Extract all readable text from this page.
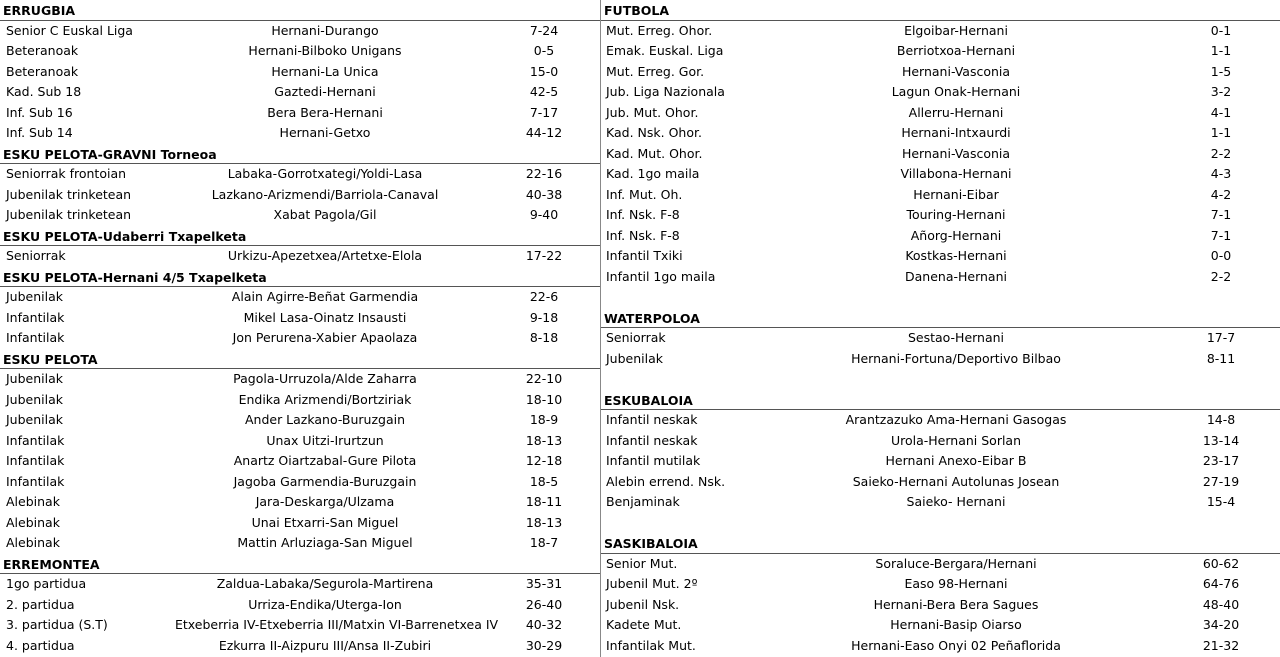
ERRUGBIA
Senior C Euskal Liga	Hernani-Durango	7-24
Beteranoak	Hernani-Bilboko Unigans	0-5
Beteranoak	Hernani-La Unica	15-0
Kad. Sub 18	Gaztedi-Hernani	42-5
Inf. Sub 16	Bera Bera-Hernani	7-17
Inf. Sub 14	Hernani-Getxo	44-12
ESKU PELOTA-GRAVNI Torneoa
Seniorrak frontoian	Labaka-Gorrotxategi/Yoldi-Lasa	22-16
Jubenilak trinketean	Lazkano-Arizmendi/Barriola-Canaval	40-38
Jubenilak trinketean	Xabat Pagola/Gil	9-40
ESKU PELOTA-Udaberri Txapelketa
Seniorrak	Urkizu-Apezetxea/Artetxe-Elola	17-22
ESKU PELOTA-Hernani 4/5 Txapelketa
Jubenilak	Alain Agirre-Beñat Garmendia	22-6
Infantilak	Mikel Lasa-Oinatz Insausti	9-18
Infantilak	Jon Perurena-Xabier Apaolaza	8-18
ESKU PELOTA
Jubenilak	Pagola-Urruzola/Alde Zaharra	22-10
Jubenilak	Endika Arizmendi/Bortziriak	18-10
Jubenilak	Ander Lazkano-Buruzgain	18-9
Infantilak	Unax Uitzi-Irurtzun	18-13
Infantilak	Anartz Oiartzabal-Gure Pilota	12-18
Infantilak	Jagoba Garmendia-Buruzgain	18-5
Alebinak	Jara-Deskarga/Ulzama	18-11
Alebinak	Unai Etxarri-San Miguel	18-13
Alebinak	Mattin Arluziaga-San Miguel	18-7
ERREMONTEA
1go partidua	Zaldua-Labaka/Segurola-Martirena	35-31
2. partidua	Urriza-Endika/Uterga-Ion	26-40
3. partidua (S.T)	Etxeberria IV-Etxeberria III/Matxin VI-Barrenetxea IV	40-32
4. partidua	Ezkurra II-Aizpuru III/Ansa II-Zubiri	30-29
FUTBOLA
Mut. Erreg. Ohor.	Elgoibar-Hernani	0-1
Emak. Euskal. Liga	Berriotxoa-Hernani	1-1
Mut. Erreg. Gor.	Hernani-Vasconia	1-5
Jub. Liga Nazionala	Lagun Onak-Hernani	3-2
Jub. Mut. Ohor.	Allerru-Hernani	4-1
Kad. Nsk. Ohor.	Hernani-Intxaurdi	1-1
Kad. Mut. Ohor.	Hernani-Vasconia	2-2
Kad. 1go maila	Villabona-Hernani	4-3
Inf. Mut. Oh.	Hernani-Eibar	4-2
Inf. Nsk. F-8	Touring-Hernani	7-1
Inf. Nsk. F-8	Añorg-Hernani	7-1
Infantil Txiki	Kostkas-Hernani	0-0
Infantil 1go maila	Danena-Hernani	2-2
WATERPOLOA
Seniorrak	Sestao-Hernani	17-7
Jubenilak	Hernani-Fortuna/Deportivo Bilbao	8-11
ESKUBALOIA
Infantil neskak	Arantzazuko Ama-Hernani Gasogas	14-8
Infantil neskak	Urola-Hernani Sorlan	13-14
Infantil mutilak	Hernani Anexo-Eibar B	23-17
Alebin errend. Nsk.	Saieko-Hernani Autolunas Josean	27-19
Benjaminak	Saieko- Hernani	15-4
SASKIBALOIA
Senior Mut.	Soraluce-Bergara/Hernani	60-62
Jubenil Mut. 2º	Easo 98-Hernani	64-76
Jubenil Nsk.	Hernani-Bera Bera Sagues	48-40
Kadete Mut.	Hernani-Basip Oiarso	34-20
Infantilak Mut.	Hernani-Easo Onyi 02 Peñaflorida	21-32
